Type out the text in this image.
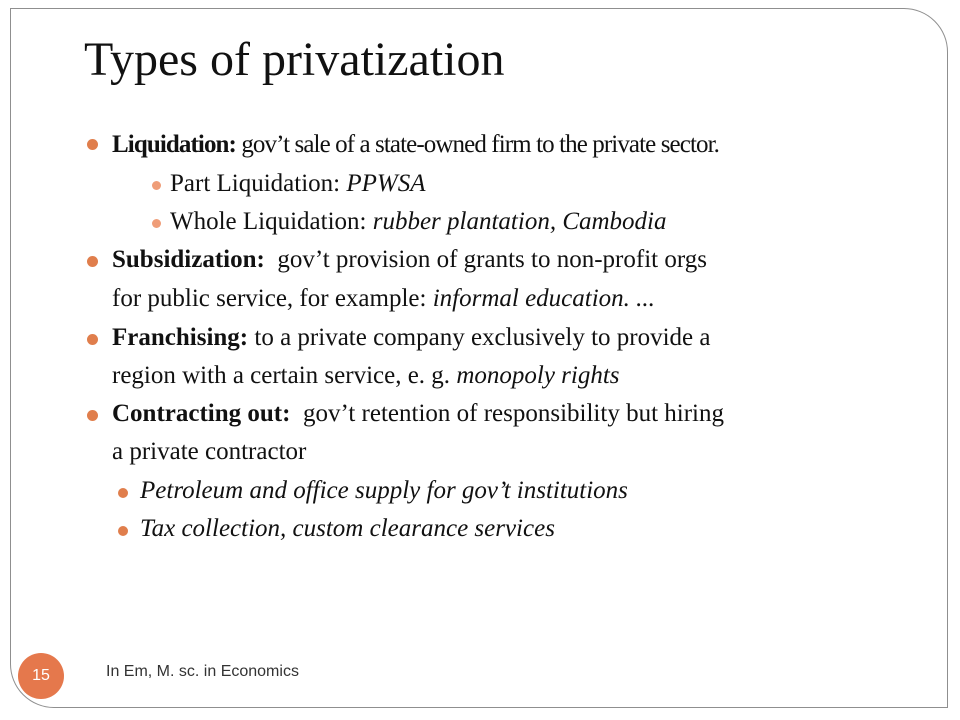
Types of privatization
Liquidation: gov’t sale of a state-owned firm to the private sector.
Part Liquidation: PPWSA
Whole Liquidation: rubber plantation, Cambodia
Subsidization:  gov’t provision of grants to non-profit orgs
for public service, for example: informal education. ...
Franchising: to a private company exclusively to provide a
region with a certain service, e. g. monopoly rights
Contracting out:  gov’t retention of responsibility but hiring
a private contractor
Petroleum and office supply for gov’t institutions
Tax collection, custom clearance services
15	In Em, M. sc. in Economics
